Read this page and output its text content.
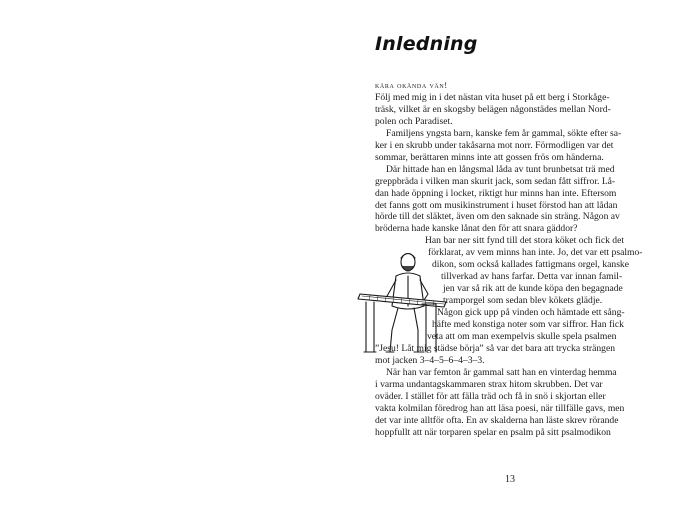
Inledning
kära okända vän!
Följ med mig in i det nästan vita huset på ett berg i Storkåge-
träsk, vilket är en skogsby belägen någonstädes mellan Nord-
polen och Paradiset.
Familjens yngsta barn, kanske fem år gammal, sökte efter sa-
ker i en skrubb under takåsarna mot norr. Förmodligen var det
sommar, berättaren minns inte att gossen frös om händerna.
Där hittade han en långsmal låda av tunt brunbetsat trä med
greppbräda i vilken man skurit jack, som sedan fått siffror. Lå-
dan hade öppning i locket, riktigt hur minns han inte. Eftersom
det fanns gott om musikinstrument i huset förstod han att lådan
hörde till det släktet, även om den saknade sin sträng. Någon av
bröderna hade kanske lånat den för att snara gäddor?
Han bar ner sitt fynd till det stora köket och fick det
förklarat, av vem minns han inte. Jo, det var ett psalmo-
dikon, som också kallades fattigmans orgel, kanske
tillverkad av hans farfar. Detta var innan famil-
jen var så rik att de kunde köpa den begagnade
tramporgel som sedan blev kökets glädje.
Någon gick upp på vinden och hämtade ett sång-
häfte med konstiga noter som var siffror. Han fick
veta att om man exempelvis skulle spela psalmen
”Jesu! Låt mig städse börja” så var det bara att trycka strängen
mot jacken 3–4–5–6–4–3–3.
När han var femton år gammal satt han en vinterdag hemma
i varma undantagskammaren strax hitom skrubben. Det var
oväder. I stället för att fälla träd och få in snö i skjortan eller
vakta kolmilan föredrog han att läsa poesi, när tillfälle gavs, men
det var inte alltför ofta. En av skalderna han läste skrev rörande
hoppfullt att när torparen spelar en psalm på sitt psalmodikon
13
